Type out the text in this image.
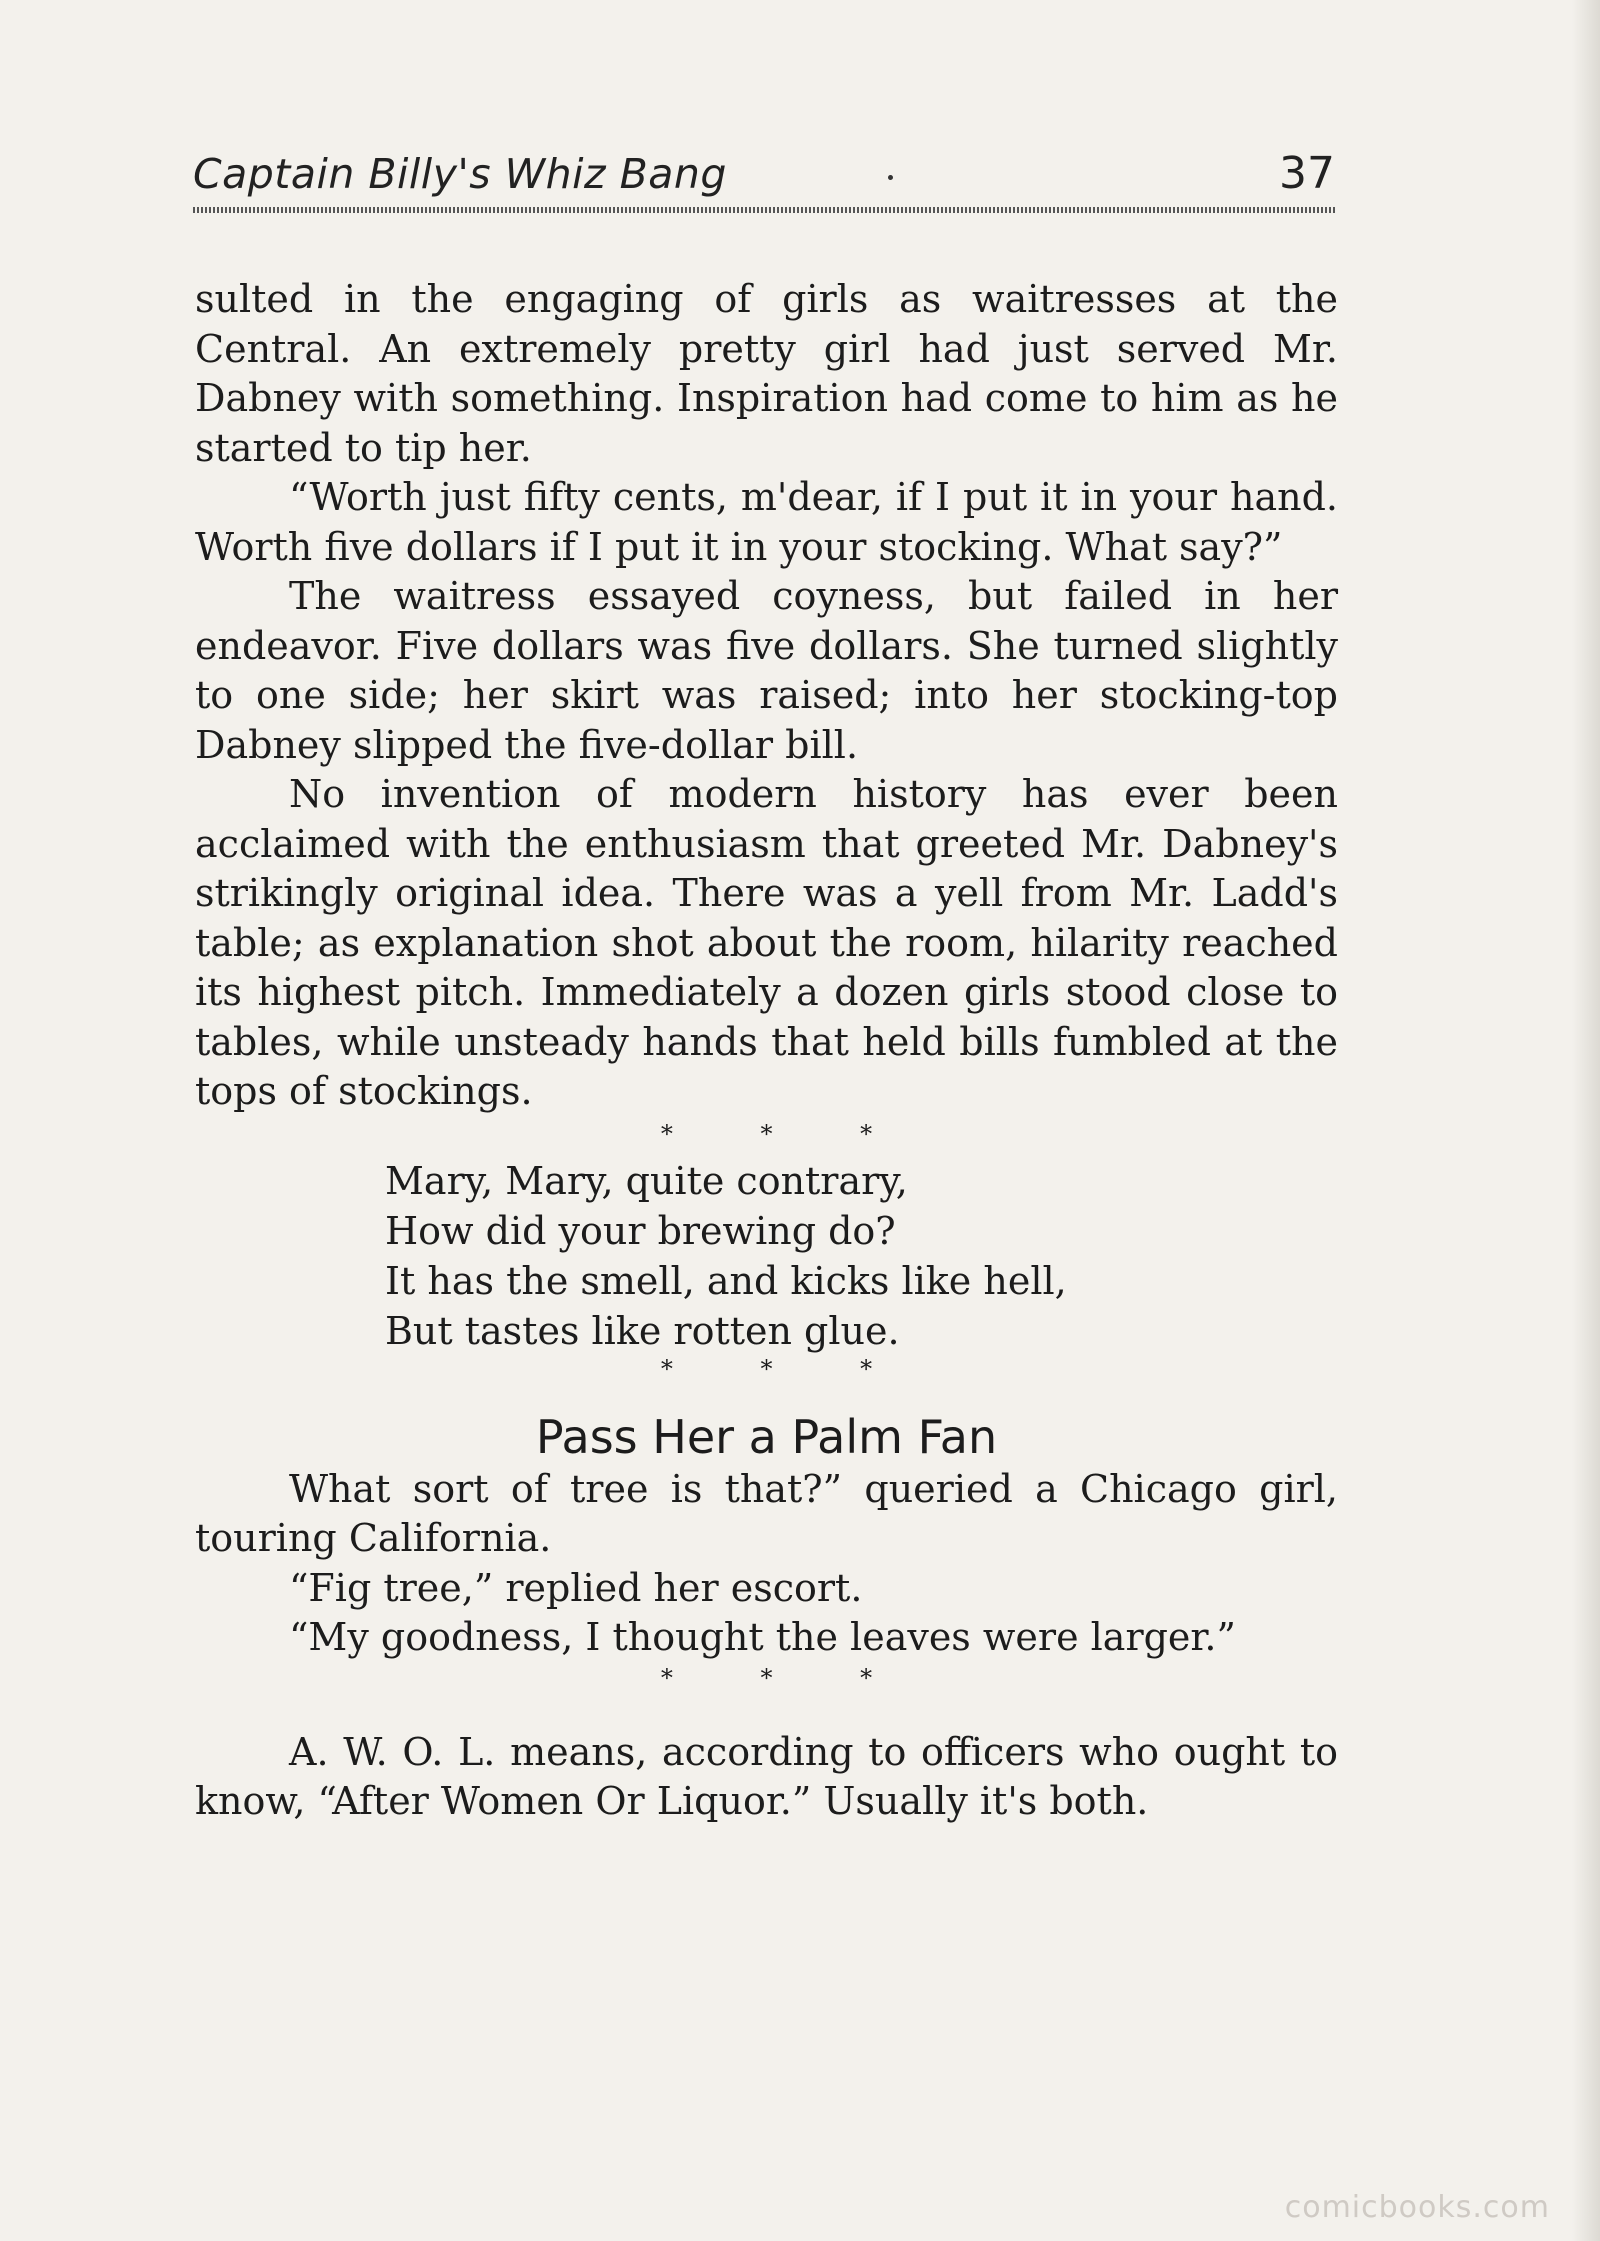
Captain Billy's Whiz Bang	37

sulted in the engaging of girls as waitresses at the Central. An extremely pretty girl had just served Mr. Dabney with something. Inspiration had come to him as he started to tip her.

“Worth just fifty cents, m'dear, if I put it in your hand. Worth five dollars if I put it in your stocking. What say?”

The waitress essayed coyness, but failed in her endeavor. Five dollars was five dollars. She turned slightly to one side; her skirt was raised; into her stocking-top Dabney slipped the five-dollar bill.

No invention of modern history has ever been acclaimed with the enthusiasm that greeted Mr. Dabney's strikingly original idea. There was a yell from Mr. Ladd's table; as explanation shot about the room, hilarity reached its highest pitch. Immediately a dozen girls stood close to tables, while unsteady hands that held bills fumbled at the tops of stockings.

* * *

Mary, Mary, quite contrary,
How did your brewing do?
It has the smell, and kicks like hell,
But tastes like rotten glue.

* * *

Pass Her a Palm Fan

What sort of tree is that?” queried a Chicago girl, touring California.

“Fig tree,” replied her escort.

“My goodness, I thought the leaves were larger.”

* * *

A. W. O. L. means, according to officers who ought to know, “After Women Or Liquor.” Usually it's both.

comicbooks.com
